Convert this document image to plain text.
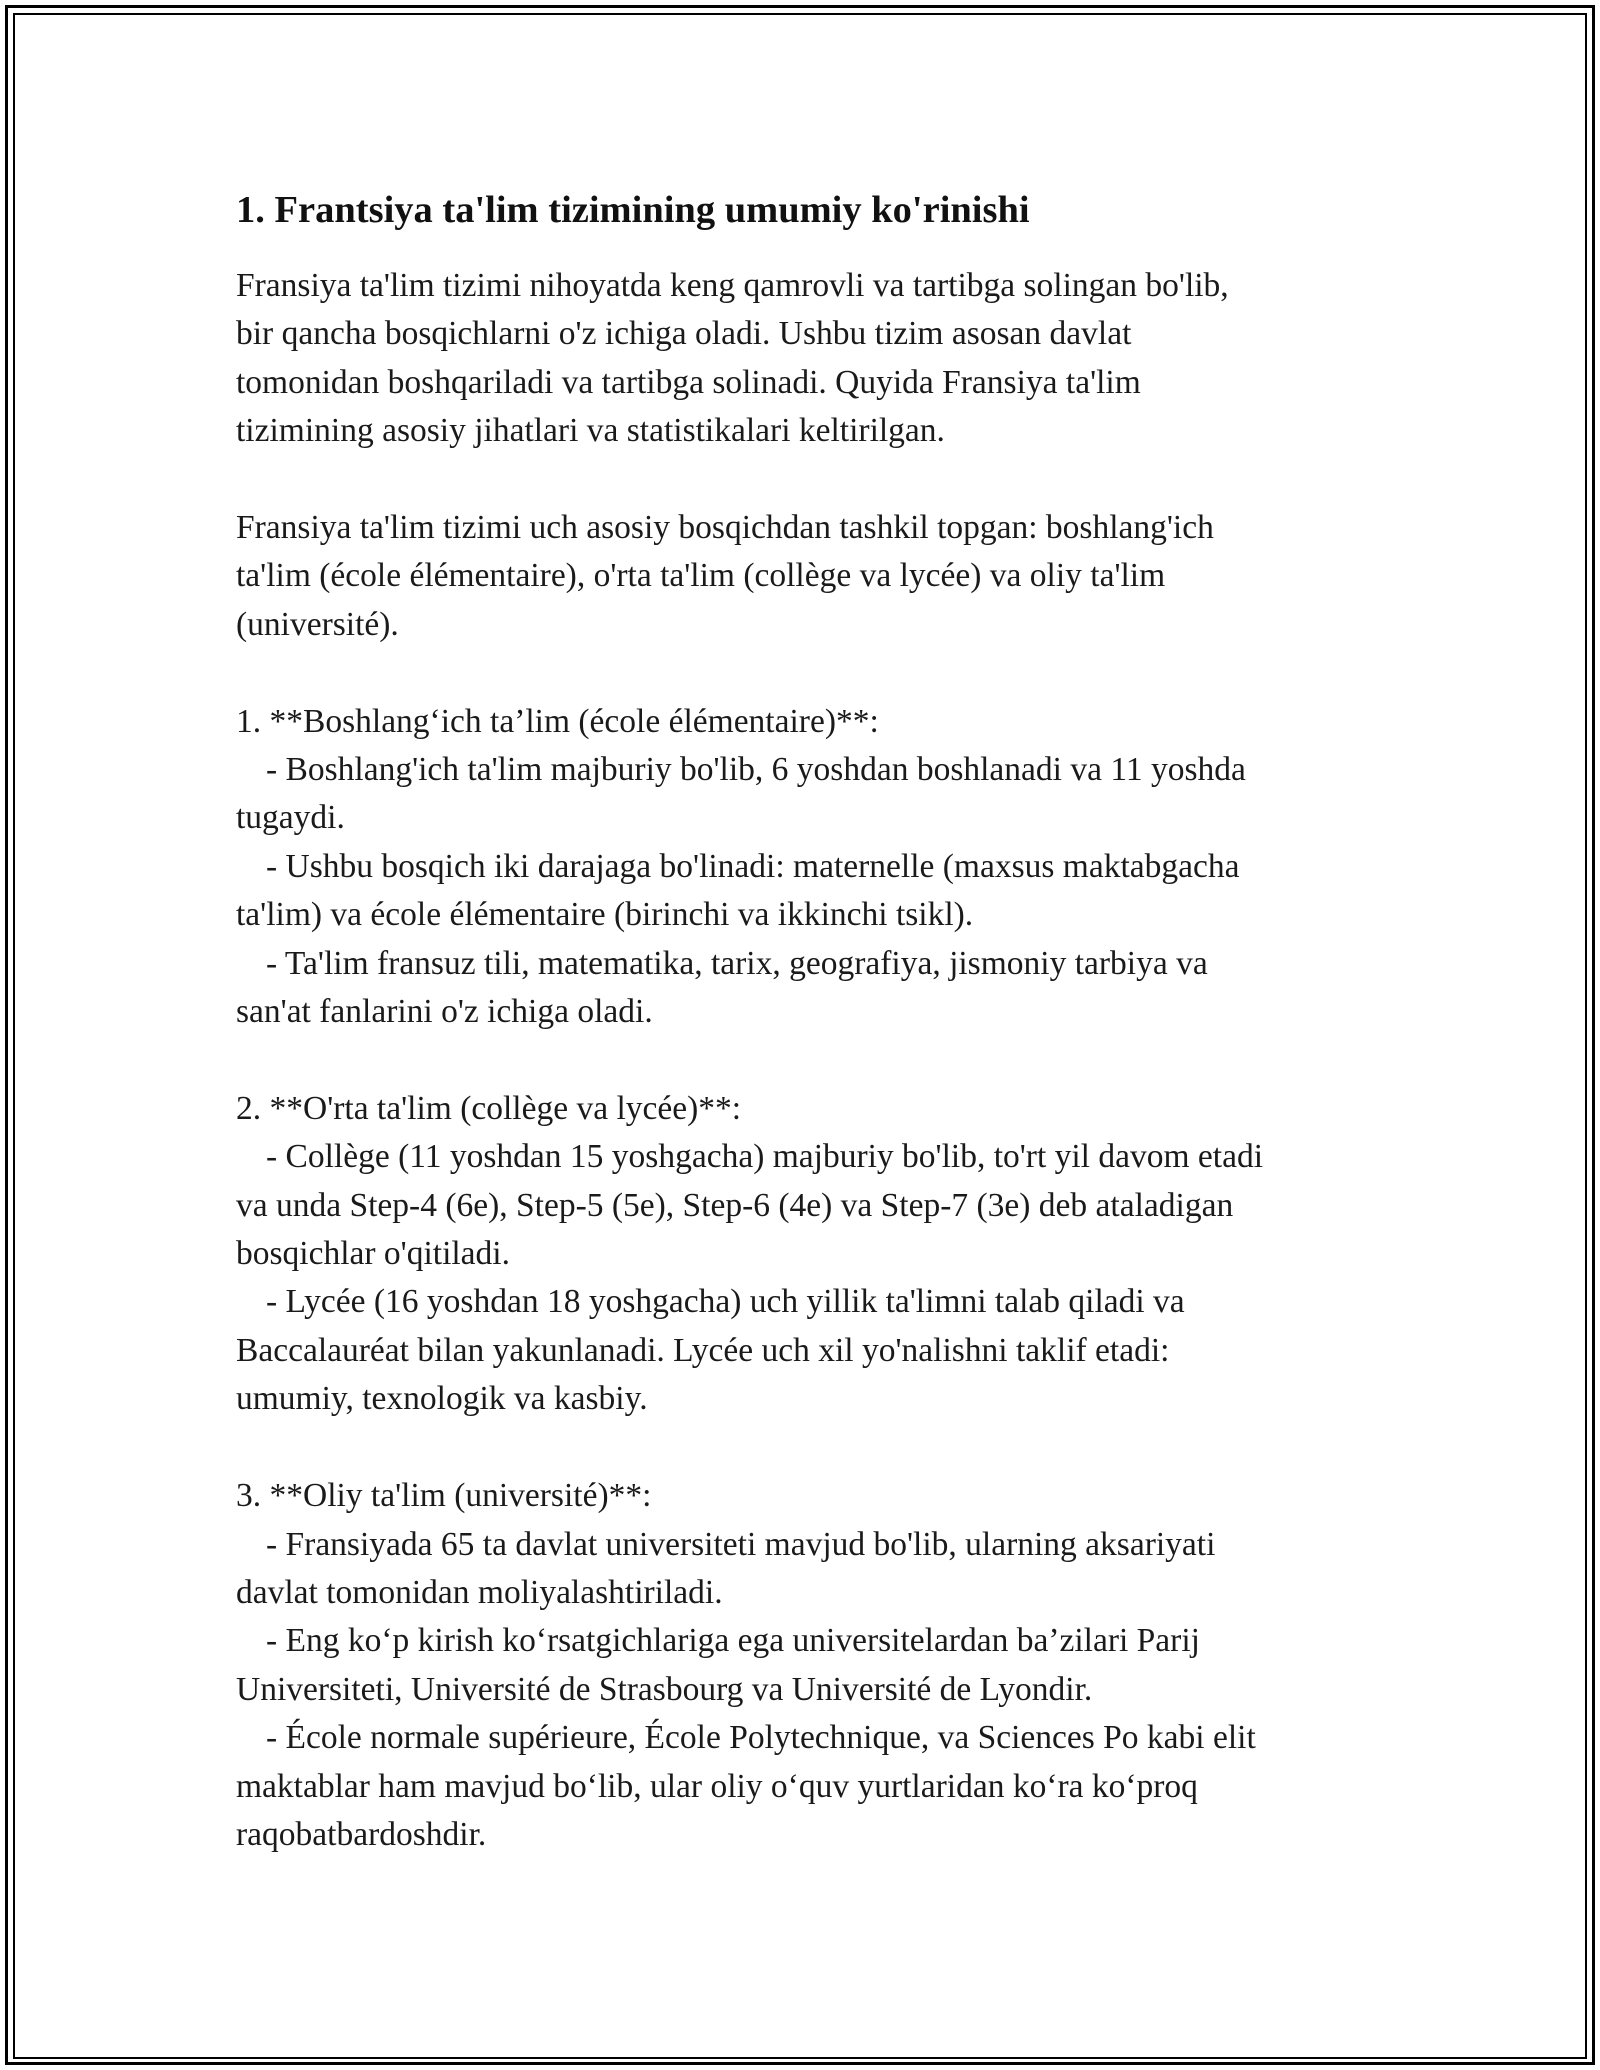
1. Frantsiya ta'lim tizimining umumiy ko'rinishi

Fransiya ta'lim tizimi nihoyatda keng qamrovli va tartibga solingan bo'lib,
bir qancha bosqichlarni o'z ichiga oladi. Ushbu tizim asosan davlat
tomonidan boshqariladi va tartibga solinadi. Quyida Fransiya ta'lim
tizimining asosiy jihatlari va statistikalari keltirilgan.

Fransiya ta'lim tizimi uch asosiy bosqichdan tashkil topgan: boshlang'ich
ta'lim (école élémentaire), o'rta ta'lim (collège va lycée) va oliy ta'lim
(université).

1. **Boshlang‘ich ta’lim (école élémentaire)**:

- Boshlang'ich ta'lim majburiy bo'lib, 6 yoshdan boshlanadi va 11 yoshda
tugaydi.
- Ushbu bosqich iki darajaga bo'linadi: maternelle (maxsus maktabgacha
ta'lim) va école élémentaire (birinchi va ikkinchi tsikl).
- Ta'lim fransuz tili, matematika, tarix, geografiya, jismoniy tarbiya va
san'at fanlarini o'z ichiga oladi.

2. **O'rta ta'lim (collège va lycée)**:

- Collège (11 yoshdan 15 yoshgacha) majburiy bo'lib, to'rt yil davom etadi
va unda Step-4 (6e), Step-5 (5e), Step-6 (4e) va Step-7 (3e) deb ataladigan
bosqichlar o'qitiladi.
- Lycée (16 yoshdan 18 yoshgacha) uch yillik ta'limni talab qiladi va
Baccalauréat bilan yakunlanadi. Lycée uch xil yo'nalishni taklif etadi:
umumiy, texnologik va kasbiy.

3. **Oliy ta'lim (université)**:

- Fransiyada 65 ta davlat universiteti mavjud bo'lib, ularning aksariyati
davlat tomonidan moliyalashtiriladi.
- Eng ko‘p kirish ko‘rsatgichlariga ega universitelardan ba’zilari Parij
Universiteti, Université de Strasbourg va Université de Lyondir.
- École normale supérieure, École Polytechnique, va Sciences Po kabi elit
maktablar ham mavjud bo‘lib, ular oliy o‘quv yurtlaridan ko‘ra ko‘proq
raqobatbardoshdir.
